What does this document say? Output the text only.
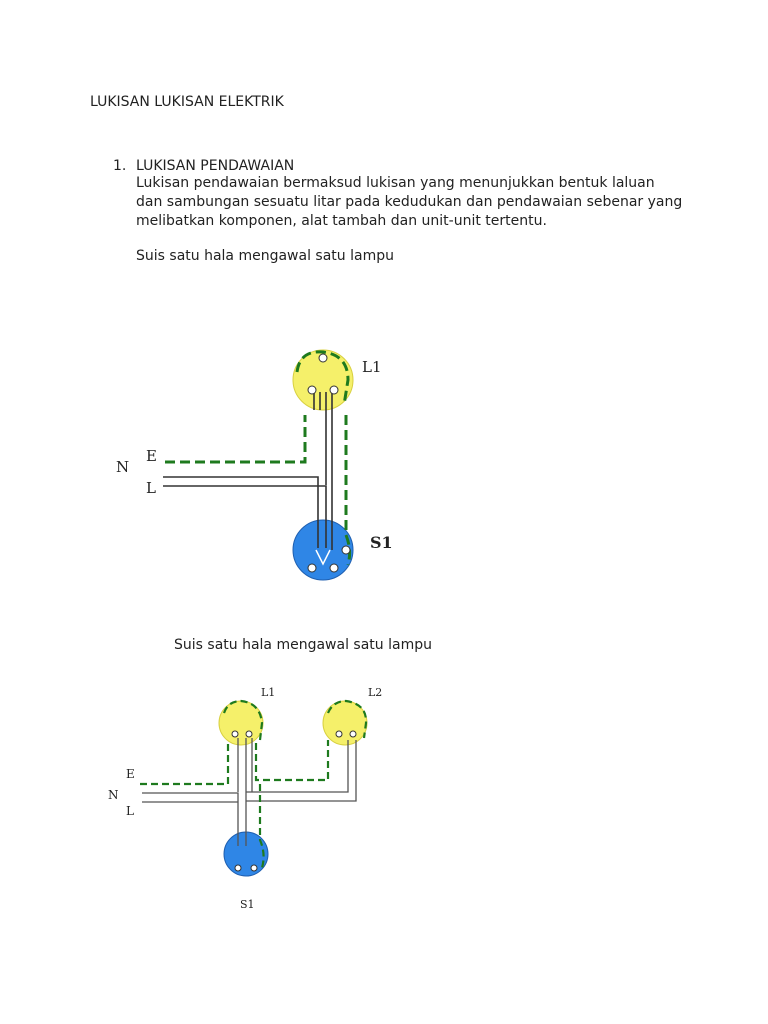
LUKISAN LUKISAN ELEKTRIK

1. LUKISAN PENDAWAIAN

Lukisan pendawaian bermaksud lukisan yang menunjukkan bentuk laluan
dan sambungan sesuatu litar pada kedudukan dan pendawaian sebenar yang
melibatkan komponen, alat tambah dan unit-unit tertentu.

Suis satu hala mengawal satu lampu

N
E
L
L1
S1

Suis satu hala mengawal satu lampu

N
E
L
L1	L2
S1
